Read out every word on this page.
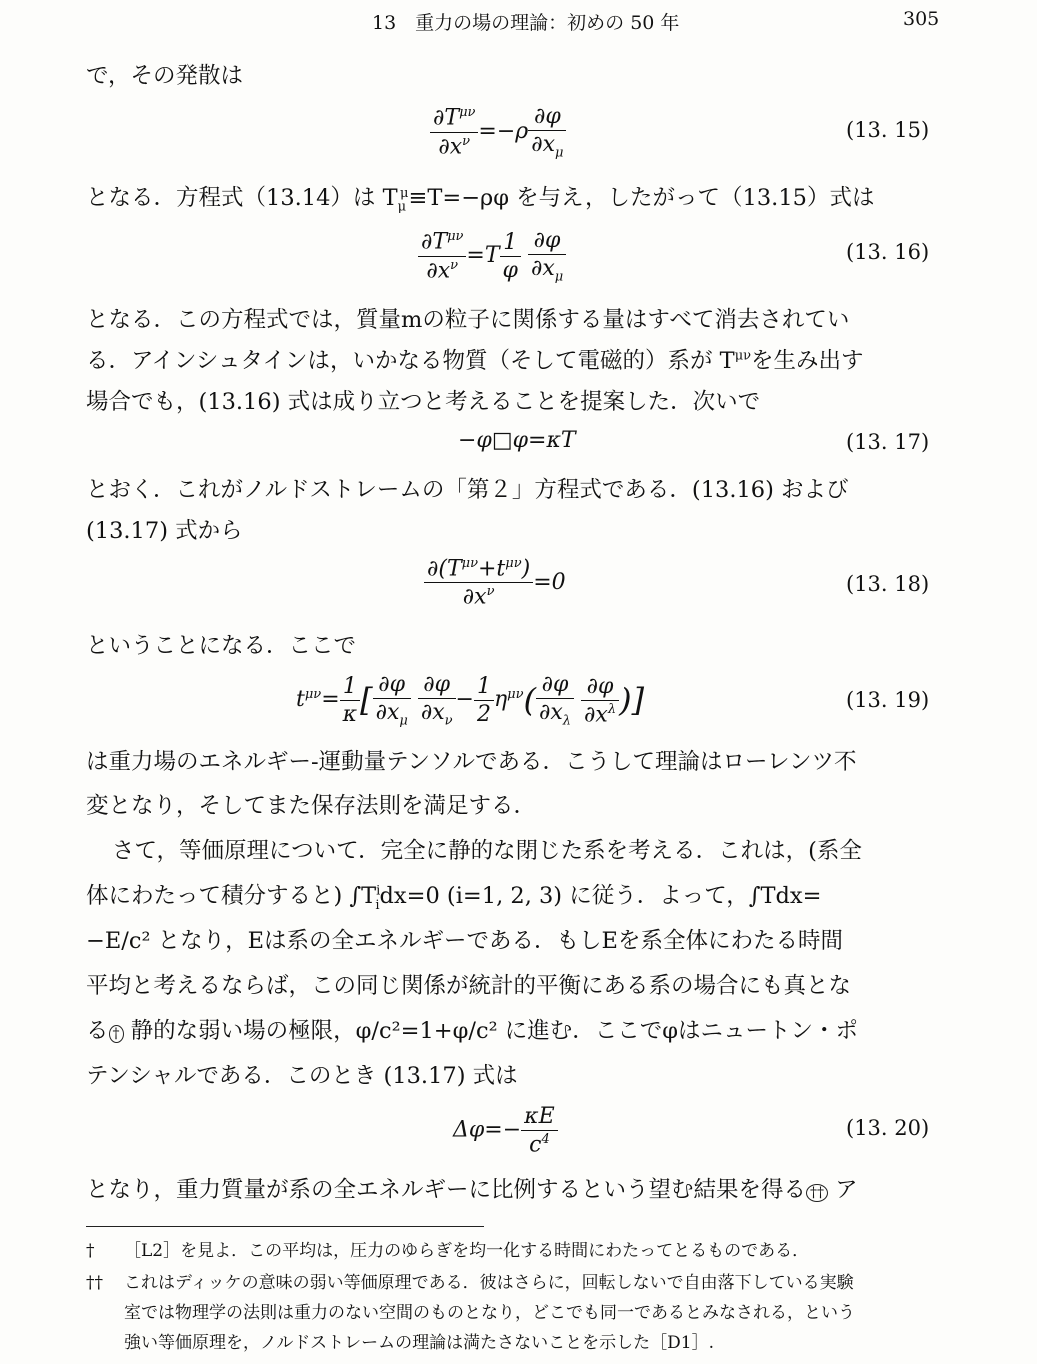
13　重力の場の理論：初めの 50 年	305
で，その発散は
$\frac{\partial T^{\mu\nu}}{\partial x^\nu} =-\rho \frac{\partial\varphi}{\partial x_\mu}$	(13. 15)
となる．方程式（13.14）は $T_\mu^\mu\equiv T=-\rho\varphi$ を与え，したがって（13.15）式は
$\frac{\partial T^{\mu\nu}}{\partial x^\nu} =T \frac{1}{\varphi}$
$\frac{\partial\varphi}{\partial x_\mu}$	(13. 16)
となる．この方程式では，質量mの粒子に関係する量はすべて消去されてい
る．アインシュタインは，いかなる物質（そして電磁的）系が $T^{\mu\nu}$を生み出す
場合でも，(13.16) 式は成り立つと考えることを提案した．次いで
−φ□φ=κT	(13. 17)
とおく．これがノルドストレームの「第２」方程式である．(13.16) および
(13.17) 式から
$\frac{\partial(T^{\mu\nu}+t^{\mu\nu})}{\partial x^\nu} =0$	(13. 18)
ということになる．ここで
$t^{\mu\nu}= \frac{1}{\kappa}$ [ $\frac{\partial\varphi}{\partial x_\mu}$
$\frac{\partial\varphi}{\partial x_\nu} - \frac{1}{2} \eta^{\mu\nu}( \frac{\partial\varphi}{\partial x_\lambda}$
$\frac{\partial\varphi}{\partial x^\lambda}$ )]	(13. 19)
は重力場のエネルギー-運動量テンソルである．こうして理論はローレンツ不
変となり，そしてまた保存法則を満足する．
さて，等価原理について．完全に静的な閉じた系を考える．これは，(系全
体にわたって積分すると) $\int T^i_idx=0$ (i=1, 2, 3) に従う．よって，∫Tdx=
−E/c² となり，Eは系の全エネルギーである．もしEを系全体にわたる時間
平均と考えるならば，この同じ関係が統計的平衡にある系の場合にも真とな
る † 静的な弱い場の極限，φ/c²=1+φ/c² に進む．ここでφはニュートン・ポ
テンシャルである．このとき (13.17) 式は
$\Delta\varphi=- \frac{\kappa E}{c^4}$	(13. 20)
となり，重力質量が系の全エネルギーに比例するという望む結果を得る †† ア
† ［L2］を見よ．この平均は，圧力のゆらぎを均一化する時間にわたってとるものである．
†† これはディッケの意味の弱い等価原理である．彼はさらに，回転しないで自由落下している実験
室では物理学の法則は重力のない空間のものとなり，どこでも同一であるとみなされる，という
強い等価原理を，ノルドストレームの理論は満たさないことを示した［D1］.
